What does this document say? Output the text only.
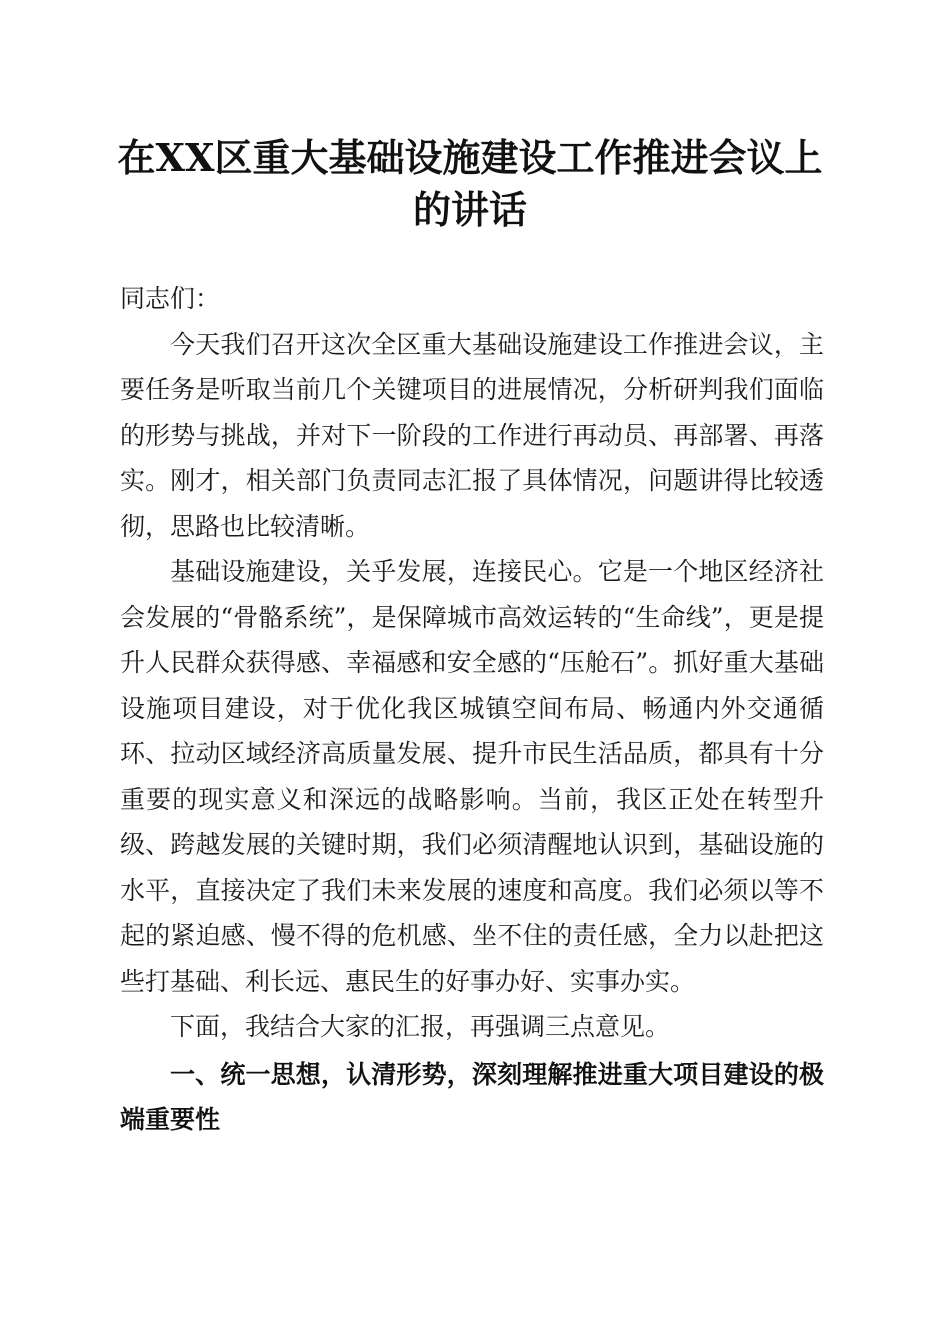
在XX区重大基础设施建设工作推进会议上的讲话

同志们：

今天我们召开这次全区重大基础设施建设工作推进会议，主要任务是听取当前几个关键项目的进展情况，分析研判我们面临的形势与挑战，并对下一阶段的工作进行再动员、再部署、再落实。刚才，相关部门负责同志汇报了具体情况，问题讲得比较透彻，思路也比较清晰。

基础设施建设，关乎发展，连接民心。它是一个地区经济社会发展的“骨骼系统”，是保障城市高效运转的“生命线”，更是提升人民群众获得感、幸福感和安全感的“压舱石”。抓好重大基础设施项目建设，对于优化我区城镇空间布局、畅通内外交通循环、拉动区域经济高质量发展、提升市民生活品质，都具有十分重要的现实意义和深远的战略影响。当前，我区正处在转型升级、跨越发展的关键时期，我们必须清醒地认识到，基础设施的水平，直接决定了我们未来发展的速度和高度。我们必须以等不起的紧迫感、慢不得的危机感、坐不住的责任感，全力以赴把这些打基础、利长远、惠民生的好事办好、实事办实。

下面，我结合大家的汇报，再强调三点意见。

一、统一思想，认清形势，深刻理解推进重大项目建设的极端重要性
